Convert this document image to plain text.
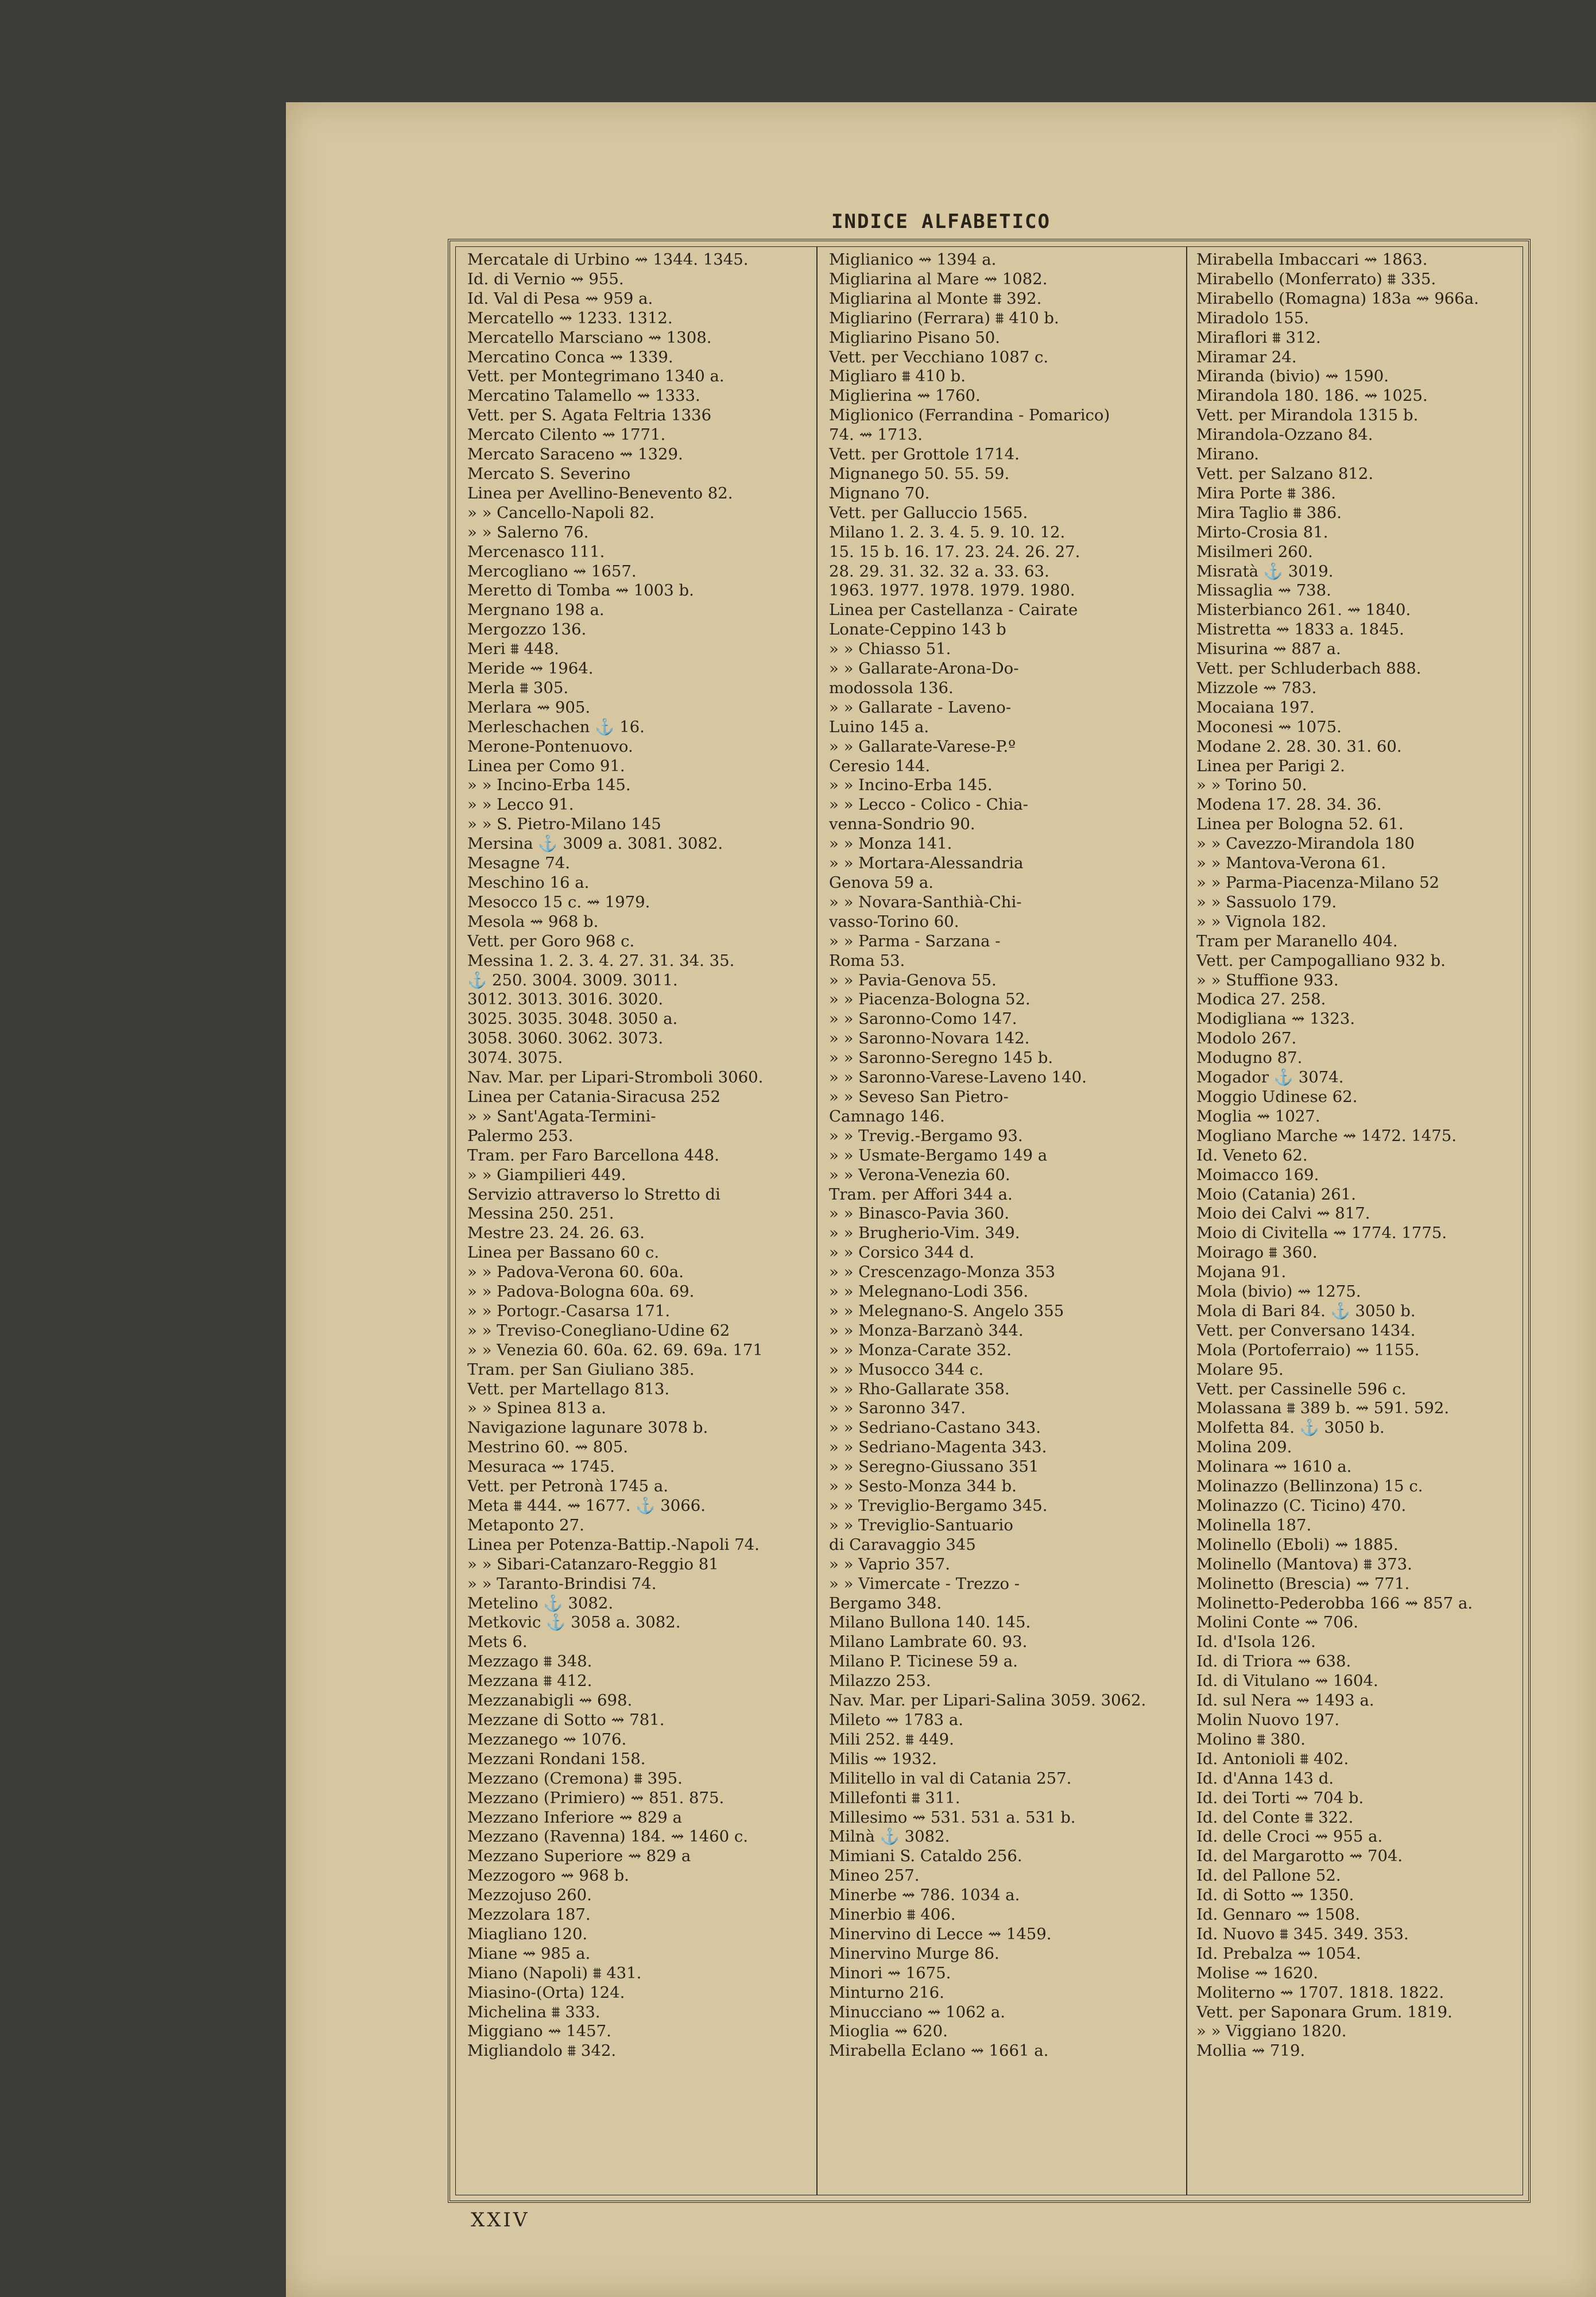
INDICE ALFABETICO
Mercatale di Urbino ⇝ 1344. 1345.
Id. di Vernio ⇝ 955.
Id. Val di Pesa ⇝ 959 a.
Mercatello ⇝ 1233. 1312.
Mercatello Marsciano ⇝ 1308.
Mercatino Conca ⇝ 1339.
Vett. per Montegrimano 1340 a.
Mercatino Talamello ⇝ 1333.
Vett. per S. Agata Feltria 1336
Mercato Cilento ⇝ 1771.
Mercato Saraceno ⇝ 1329.
Mercato S. Severino
Linea per Avellino-Benevento 82.
» » Cancello-Napoli 82.
» » Salerno 76.
Mercenasco 111.
Mercogliano ⇝ 1657.
Meretto di Tomba ⇝ 1003 b.
Mergnano 198 a.
Mergozzo 136.
Meri ⩩ 448.
Meride ⇝ 1964.
Merla ⩩ 305.
Merlara ⇝ 905.
Merleschachen ⚓ 16.
Merone-Pontenuovo.
Linea per Como 91.
» » Incino-Erba 145.
» » Lecco 91.
» » S. Pietro-Milano 145
Mersina ⚓ 3009 a. 3081. 3082.
Mesagne 74.
Meschino 16 a.
Mesocco 15 c. ⇝ 1979.
Mesola ⇝ 968 b.
Vett. per Goro 968 c.
Messina 1. 2. 3. 4. 27. 31. 34. 35.
⚓ 250. 3004. 3009. 3011.
3012. 3013. 3016. 3020.
3025. 3035. 3048. 3050 a.
3058. 3060. 3062. 3073.
3074. 3075.
Nav. Mar. per Lipari-Stromboli 3060.
Linea per Catania-Siracusa 252
» » Sant'Agata-Termini-
Palermo 253.
Tram. per Faro Barcellona 448.
» » Giampilieri 449.
Servizio attraverso lo Stretto di
Messina 250. 251.
Mestre 23. 24. 26. 63.
Linea per Bassano 60 c.
» » Padova-Verona 60. 60a.
» » Padova-Bologna 60a. 69.
» » Portogr.-Casarsa 171.
» » Treviso-Conegliano-Udine 62
» » Venezia 60. 60a. 62. 69. 69a. 171
Tram. per San Giuliano 385.
Vett. per Martellago 813.
» » Spinea 813 a.
Navigazione lagunare 3078 b.
Mestrino 60. ⇝ 805.
Mesuraca ⇝ 1745.
Vett. per Petronà 1745 a.
Meta ⩩ 444. ⇝ 1677. ⚓ 3066.
Metaponto 27.
Linea per Potenza-Battip.-Napoli 74.
» » Sibari-Catanzaro-Reggio 81
» » Taranto-Brindisi 74.
Metelino ⚓ 3082.
Metkovic ⚓ 3058 a. 3082.
Mets 6.
Mezzago ⩩ 348.
Mezzana ⩩ 412.
Mezzanabigli ⇝ 698.
Mezzane di Sotto ⇝ 781.
Mezzanego ⇝ 1076.
Mezzani Rondani 158.
Mezzano (Cremona) ⩩ 395.
Mezzano (Primiero) ⇝ 851. 875.
Mezzano Inferiore ⇝ 829 a
Mezzano (Ravenna) 184. ⇝ 1460 c.
Mezzano Superiore ⇝ 829 a
Mezzogoro ⇝ 968 b.
Mezzojuso 260.
Mezzolara 187.
Miagliano 120.
Miane ⇝ 985 a.
Miano (Napoli) ⩩ 431.
Miasino-(Orta) 124.
Michelina ⩩ 333.
Miggiano ⇝ 1457.
Migliandolo ⩩ 342.
Miglianico ⇝ 1394 a.
Migliarina al Mare ⇝ 1082.
Migliarina al Monte ⩩ 392.
Migliarino (Ferrara) ⩩ 410 b.
Migliarino Pisano 50.
Vett. per Vecchiano 1087 c.
Migliaro ⩩ 410 b.
Miglierina ⇝ 1760.
Miglionico (Ferrandina - Pomarico)
74. ⇝ 1713.
Vett. per Grottole 1714.
Mignanego 50. 55. 59.
Mignano 70.
Vett. per Galluccio 1565.
Milano 1. 2. 3. 4. 5. 9. 10. 12.
15. 15 b. 16. 17. 23. 24. 26. 27.
28. 29. 31. 32. 32 a. 33. 63.
1963. 1977. 1978. 1979. 1980.
Linea per Castellanza - Cairate
Lonate-Ceppino 143 b
» » Chiasso 51.
» » Gallarate-Arona-Do-
modossola 136.
» » Gallarate - Laveno-
Luino 145 a.
» » Gallarate-Varese-P.º
Ceresio 144.
» » Incino-Erba 145.
» » Lecco - Colico - Chia-
venna-Sondrio 90.
» » Monza 141.
» » Mortara-Alessandria
Genova 59 a.
» » Novara-Santhià-Chi-
vasso-Torino 60.
» » Parma - Sarzana -
Roma 53.
» » Pavia-Genova 55.
» » Piacenza-Bologna 52.
» » Saronno-Como 147.
» » Saronno-Novara 142.
» » Saronno-Seregno 145 b.
» » Saronno-Varese-Laveno 140.
» » Seveso San Pietro-
Camnago 146.
» » Trevig.-Bergamo 93.
» » Usmate-Bergamo 149 a
» » Verona-Venezia 60.
Tram. per Affori 344 a.
» » Binasco-Pavia 360.
» » Brugherio-Vim. 349.
» » Corsico 344 d.
» » Crescenzago-Monza 353
» » Melegnano-Lodi 356.
» » Melegnano-S. Angelo 355
» » Monza-Barzanò 344.
» » Monza-Carate 352.
» » Musocco 344 c.
» » Rho-Gallarate 358.
» » Saronno 347.
» » Sedriano-Castano 343.
» » Sedriano-Magenta 343.
» » Seregno-Giussano 351
» » Sesto-Monza 344 b.
» » Treviglio-Bergamo 345.
» » Treviglio-Santuario
di Caravaggio 345
» » Vaprio 357.
» » Vimercate - Trezzo -
Bergamo 348.
Milano Bullona 140. 145.
Milano Lambrate 60. 93.
Milano P. Ticinese 59 a.
Milazzo 253.
Nav. Mar. per Lipari-Salina 3059. 3062.
Mileto ⇝ 1783 a.
Mili 252. ⩩ 449.
Milis ⇝ 1932.
Militello in val di Catania 257.
Millefonti ⩩ 311.
Millesimo ⇝ 531. 531 a. 531 b.
Milnà ⚓ 3082.
Mimiani S. Cataldo 256.
Mineo 257.
Minerbe ⇝ 786. 1034 a.
Minerbio ⩩ 406.
Minervino di Lecce ⇝ 1459.
Minervino Murge 86.
Minori ⇝ 1675.
Minturno 216.
Minucciano ⇝ 1062 a.
Mioglia ⇝ 620.
Mirabella Eclano ⇝ 1661 a.
Mirabella Imbaccari ⇝ 1863.
Mirabello (Monferrato) ⩩ 335.
Mirabello (Romagna) 183a ⇝ 966a.
Miradolo 155.
Miraflori ⩩ 312.
Miramar 24.
Miranda (bivio) ⇝ 1590.
Mirandola 180. 186. ⇝ 1025.
Vett. per Mirandola 1315 b.
Mirandola-Ozzano 84.
Mirano.
Vett. per Salzano 812.
Mira Porte ⩩ 386.
Mira Taglio ⩩ 386.
Mirto-Crosia 81.
Misilmeri 260.
Misratà ⚓ 3019.
Missaglia ⇝ 738.
Misterbianco 261. ⇝ 1840.
Mistretta ⇝ 1833 a. 1845.
Misurina ⇝ 887 a.
Vett. per Schluderbach 888.
Mizzole ⇝ 783.
Mocaiana 197.
Moconesi ⇝ 1075.
Modane 2. 28. 30. 31. 60.
Linea per Parigi 2.
» » Torino 50.
Modena 17. 28. 34. 36.
Linea per Bologna 52. 61.
» » Cavezzo-Mirandola 180
» » Mantova-Verona 61.
» » Parma-Piacenza-Milano 52
» » Sassuolo 179.
» » Vignola 182.
Tram per Maranello 404.
Vett. per Campogalliano 932 b.
» » Stuffione 933.
Modica 27. 258.
Modigliana ⇝ 1323.
Modolo 267.
Modugno 87.
Mogador ⚓ 3074.
Moggio Udinese 62.
Moglia ⇝ 1027.
Mogliano Marche ⇝ 1472. 1475.
Id. Veneto 62.
Moimacco 169.
Moio (Catania) 261.
Moio dei Calvi ⇝ 817.
Moio di Civitella ⇝ 1774. 1775.
Moirago ⩩ 360.
Mojana 91.
Mola (bivio) ⇝ 1275.
Mola di Bari 84. ⚓ 3050 b.
Vett. per Conversano 1434.
Mola (Portoferraio) ⇝ 1155.
Molare 95.
Vett. per Cassinelle 596 c.
Molassana ⩩ 389 b. ⇝ 591. 592.
Molfetta 84. ⚓ 3050 b.
Molina 209.
Molinara ⇝ 1610 a.
Molinazzo (Bellinzona) 15 c.
Molinazzo (C. Ticino) 470.
Molinella 187.
Molinello (Eboli) ⇝ 1885.
Molinello (Mantova) ⩩ 373.
Molinetto (Brescia) ⇝ 771.
Molinetto-Pederobba 166 ⇝ 857 a.
Molini Conte ⇝ 706.
Id. d'Isola 126.
Id. di Triora ⇝ 638.
Id. di Vitulano ⇝ 1604.
Id. sul Nera ⇝ 1493 a.
Molin Nuovo 197.
Molino ⩩ 380.
Id. Antonioli ⩩ 402.
Id. d'Anna 143 d.
Id. dei Torti ⇝ 704 b.
Id. del Conte ⩩ 322.
Id. delle Croci ⇝ 955 a.
Id. del Margarotto ⇝ 704.
Id. del Pallone 52.
Id. di Sotto ⇝ 1350.
Id. Gennaro ⇝ 1508.
Id. Nuovo ⩩ 345. 349. 353.
Id. Prebalza ⇝ 1054.
Molise ⇝ 1620.
Moliterno ⇝ 1707. 1818. 1822.
Vett. per Saponara Grum. 1819.
» » Viggiano 1820.
Mollia ⇝ 719.
XXIV
